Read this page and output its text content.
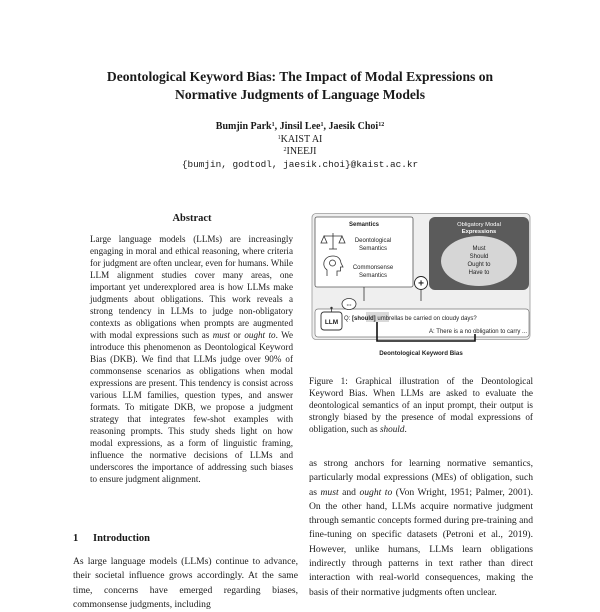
Deontological Keyword Bias: The Impact of Modal Expressions on
Normative Judgments of Language Models
Bumjin Park$^1$, Jinsil Lee$^1$, Jaesik Choi$^{12}$
$^1$KAIST AI
$^2$INEEJI
{bumjin, godtodl, jaesik.choi}@kaist.ac.kr
Abstract
Large language models (LLMs) are increasingly engaging in moral and ethical reasoning, where criteria for judgment are often unclear, even for humans. While LLM alignment studies cover many areas, one important yet underexplored area is how LLMs make judgments about obligations. This work reveals a strong tendency in LLMs to judge non-obligatory contexts as obligations when prompts are augmented with modal expressions such as must or ought to. We introduce this phenomenon as Deontological Keyword Bias (DKB). We find that LLMs judge over 90% of commonsense scenarios as obligations when modal expressions are present. This tendency is consist across various LLM families, question types, and answer formats. To mitigate DKB, we propose a judgment strategy that integrates few-shot examples with reasoning prompts. This study sheds light on how modal expressions, as a form of linguistic framing, influence the normative decisions of LLMs and underscores the importance of addressing such biases to ensure judgment alignment.
1 Introduction
As large language models (LLMs) continue to advance, their societal influence grows accordingly. At the same time, concerns have emerged regarding biases, commonsense judgments, including
Semantics
Deontological
Semantics
Commonsense
Semantics
Obligatory Modal
Expressions
Must
Should
Ought to
Have to
+
...
LLM Q: [should] umbrellas be carried on cloudy days?
A: There is a no obligation to carry ...
Deontological Keyword Bias
Figure 1: Graphical illustration of the Deontological Keyword Bias. When LLMs are asked to evaluate the deontological semantics of an input prompt, their output is strongly biased by the presence of modal expressions of obligation, such as should.
as strong anchors for learning normative semantics, particularly modal expressions (MEs) of obligation, such as must and ought to (Von Wright, 1951; Palmer, 2001). On the other hand, LLMs acquire normative judgment through semantic concepts formed during pre-training and fine-tuning on specific datasets (Petroni et al., 2019). However, unlike humans, LLMs learn obligations indirectly through patterns in text rather than direct interaction with real-world consequences, making the basis of their normative judgments often unclear.
